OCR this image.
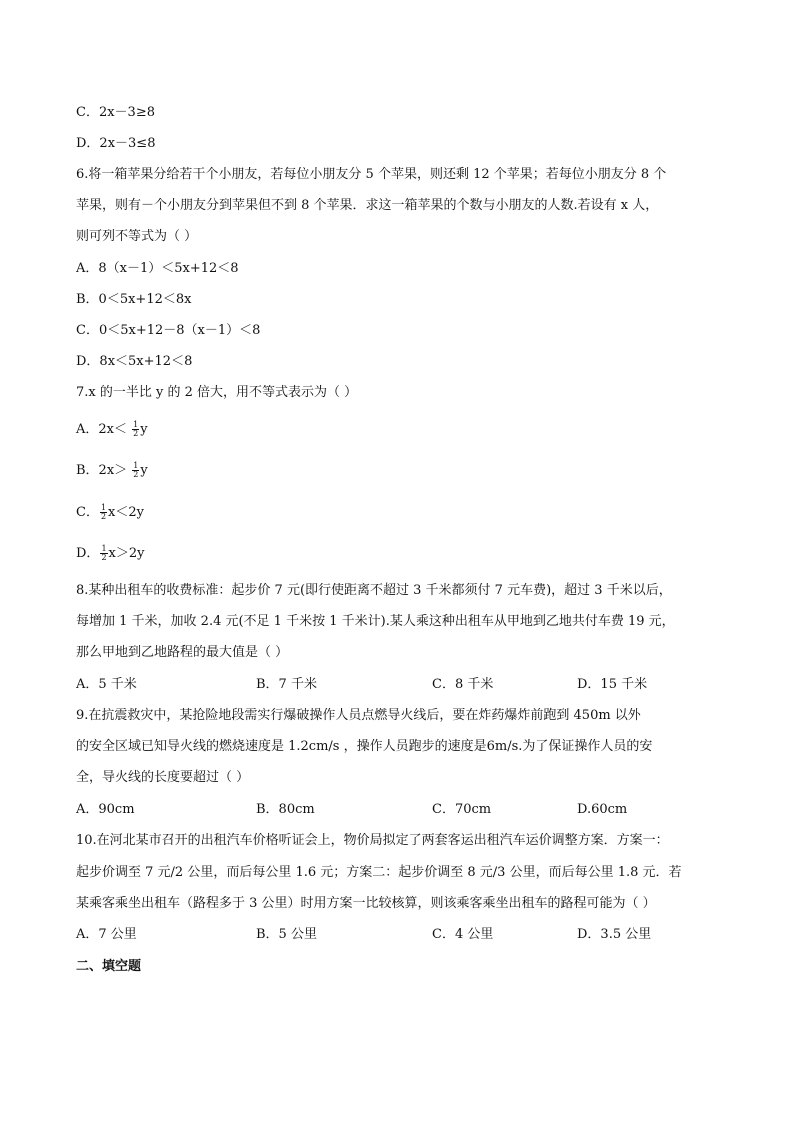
C．2x－3≥8
D．2x－3≤8
6.将一箱苹果分给若干个小朋友，若每位小朋友分 5 个苹果，则还剩 12 个苹果；若每位小朋友分 8 个
苹果，则有－个小朋友分到苹果但不到 8 个苹果．求这一箱苹果的个数与小朋友的人数.若设有 x 人，
则可列不等式为（ ）
A．8（x－1）＜5x+12＜8
B．0＜5x+12＜8x
C．0＜5x+12－8（x－1）＜8
D．8x＜5x+12＜8
7.x 的一半比 y 的 2 倍大，用不等式表示为（ ）
A．$2x< \frac{1}{2}$ y
B．$2x> \frac{1}{2}$ y
C． $\frac{1}{2} x<2y$
D． $\frac{1}{2} x>2y$
8.某种出租车的收费标准：起步价 7 元(即行使距离不超过 3 千米都须付 7 元车费)，超过 3 千米以后，
每增加 1 千米，加收 2.4 元(不足 1 千米按 1 千米计).某人乘这种出租车从甲地到乙地共付车费 19 元，
那么甲地到乙地路程的最大值是（ ）
A．5 千米	B．7 千米	C．8 千米	D．15 千米
9.在抗震救灾中，某抢险地段需实行爆破操作人员点燃导火线后，要在炸药爆炸前跑到 450m 以外
的安全区域已知导火线的燃烧速度是 1.2cm/s ，操作人员跑步的速度是6m/s.为了保证操作人员的安
全，导火线的长度要超过（ ）
A．90cm	B．80cm	C．70cm	D.60cm
10.在河北某市召开的出租汽车价格听证会上，物价局拟定了两套客运出租汽车运价调整方案．方案一：
起步价调至 7 元/2 公里，而后每公里 1.6 元；方案二：起步价调至 8 元/3 公里，而后每公里 1.8 元．若
某乘客乘坐出租车（路程多于 3 公里）时用方案一比较核算，则该乘客乘坐出租车的路程可能为（ ）
A．7 公里	B．5 公里	C．4 公里	D．3.5 公里
二、填空题
